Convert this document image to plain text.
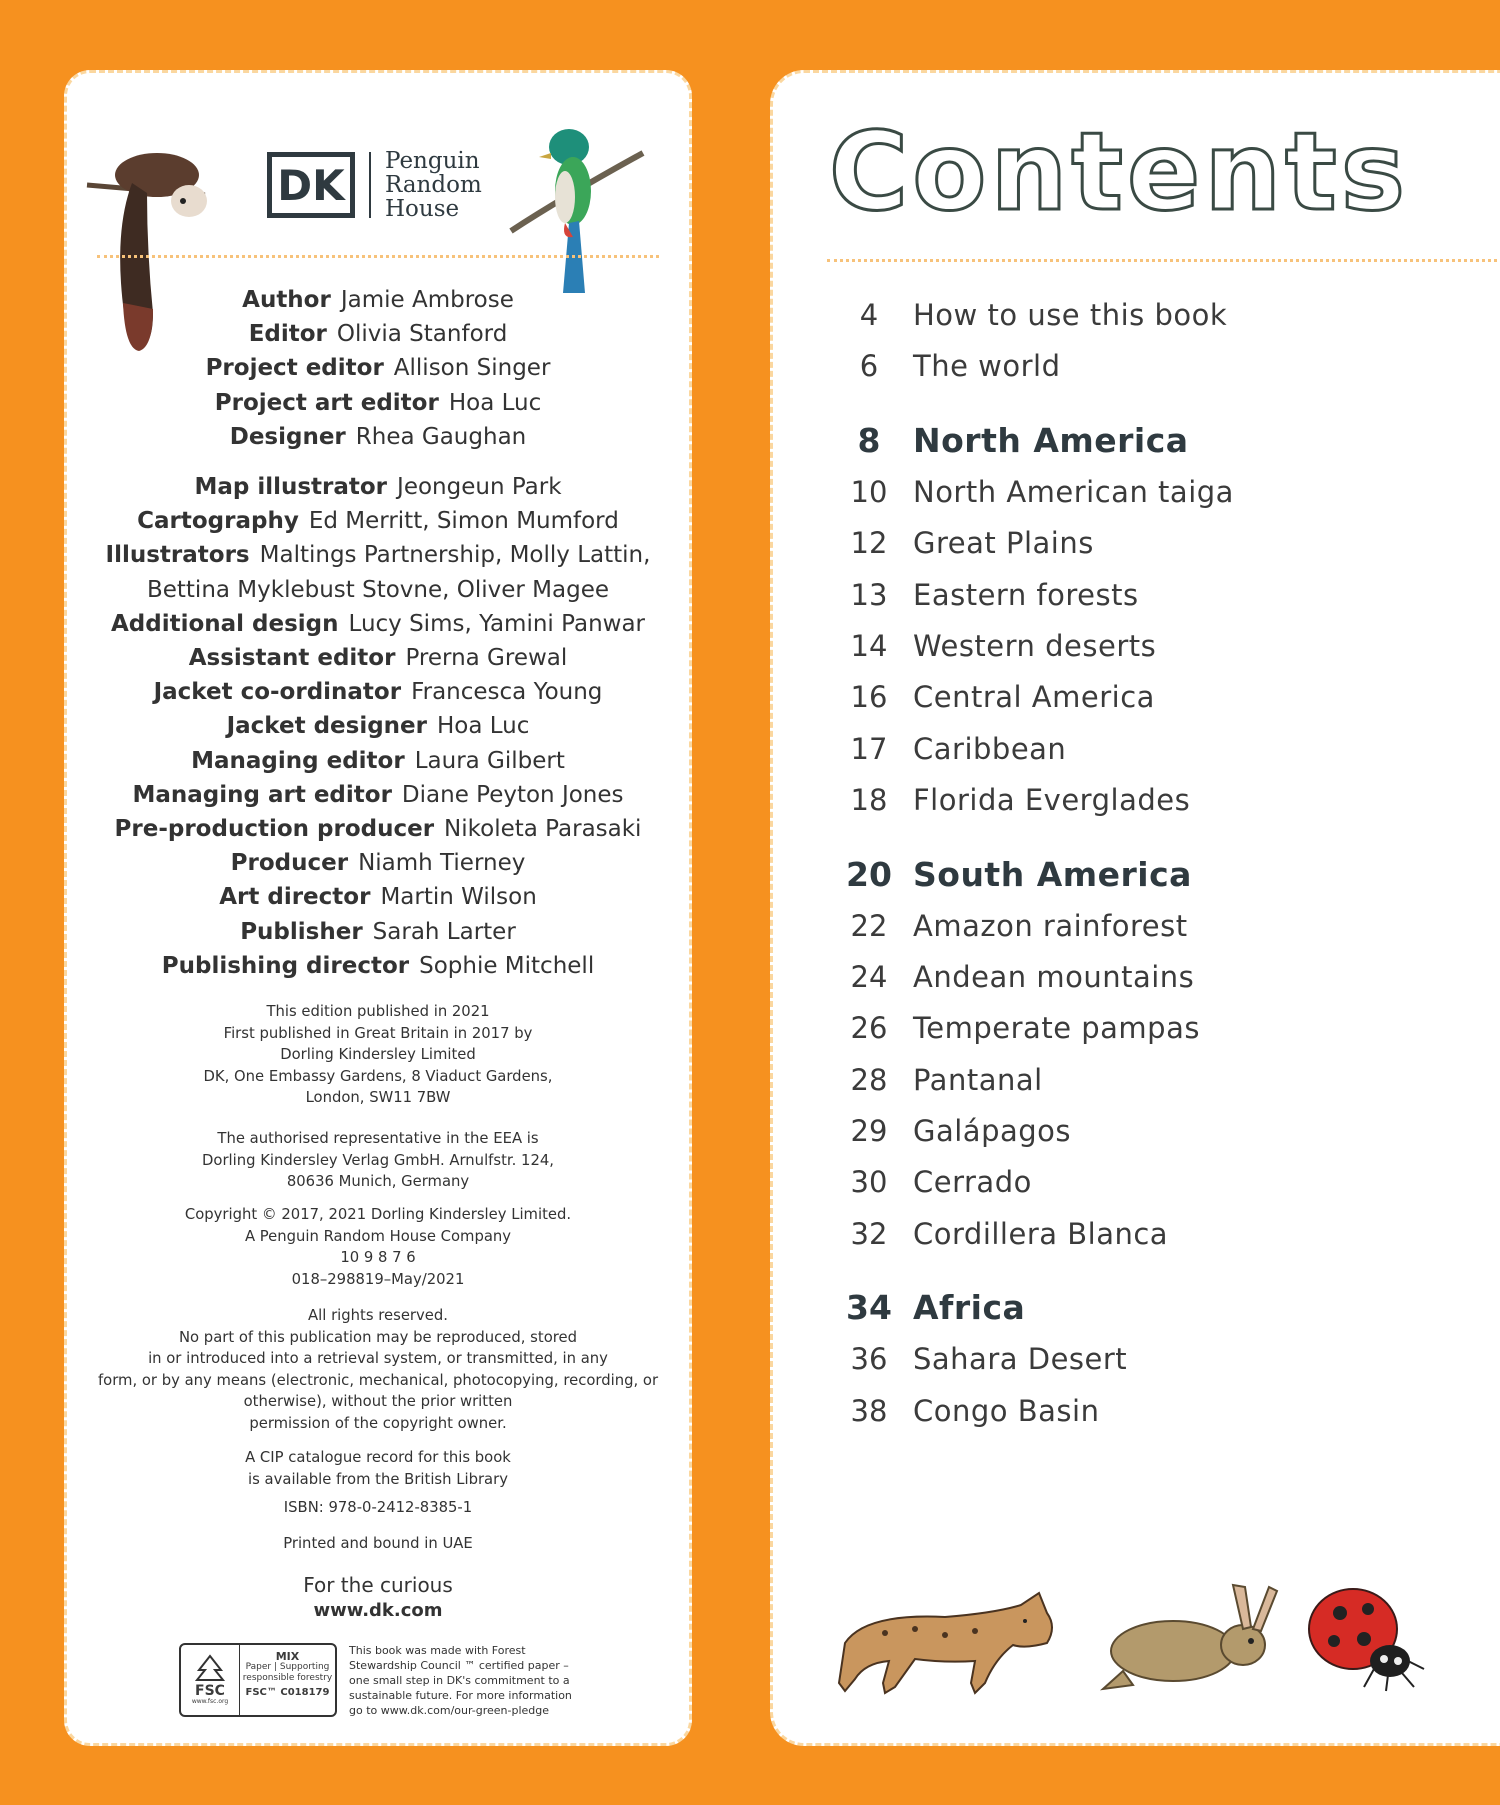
DK Penguin
Random
House
Author Jamie Ambrose
Editor Olivia Stanford
Project editor Allison Singer
Project art editor Hoa Luc
Designer Rhea Gaughan
Map illustrator Jeongeun Park
Cartography Ed Merritt, Simon Mumford
Illustrators Maltings Partnership, Molly Lattin,
Bettina Myklebust Stovne, Oliver Magee
Additional design Lucy Sims, Yamini Panwar
Assistant editor Prerna Grewal
Jacket co-ordinator Francesca Young
Jacket designer Hoa Luc
Managing editor Laura Gilbert
Managing art editor Diane Peyton Jones
Pre-production producer Nikoleta Parasaki
Producer Niamh Tierney
Art director Martin Wilson
Publisher Sarah Larter
Publishing director Sophie Mitchell
This edition published in 2021
First published in Great Britain in 2017 by
Dorling Kindersley Limited
DK, One Embassy Gardens, 8 Viaduct Gardens,
London, SW11 7BW
The authorised representative in the EEA is
Dorling Kindersley Verlag GmbH. Arnulfstr. 124,
80636 Munich, Germany
Copyright © 2017, 2021 Dorling Kindersley Limited.
A Penguin Random House Company
10 9 8 7 6
018–298819–May/2021
All rights reserved.
No part of this publication may be reproduced, stored
in or introduced into a retrieval system, or transmitted, in any
form, or by any means (electronic, mechanical, photocopying, recording, or
otherwise), without the prior written
permission of the copyright owner.
A CIP catalogue record for this book
is available from the British Library
ISBN: 978-0-2412-8385-1
Printed and bound in UAE
For the curious
www.dk.com
FSC
www.fsc.org
MIX
Paper | Supporting
responsible forestry
FSC™ C018179
This book was made with Forest Stewardship Council ™ certified paper – one small step in DK's commitment to a sustainable future. For more information go to www.dk.com/our-green-pledge
Contents
4	How to use this book
6	The world
8 North America
10 North American taiga
12 Great Plains
13 Eastern forests
14 Western deserts
16 Central America
17 Caribbean
18 Florida Everglades
20 South America
22 Amazon rainforest
24 Andean mountains
26 Temperate pampas
28 Pantanal
29 Galápagos
30 Cerrado
32 Cordillera Blanca
34 Africa
36 Sahara Desert
38 Congo Basin
